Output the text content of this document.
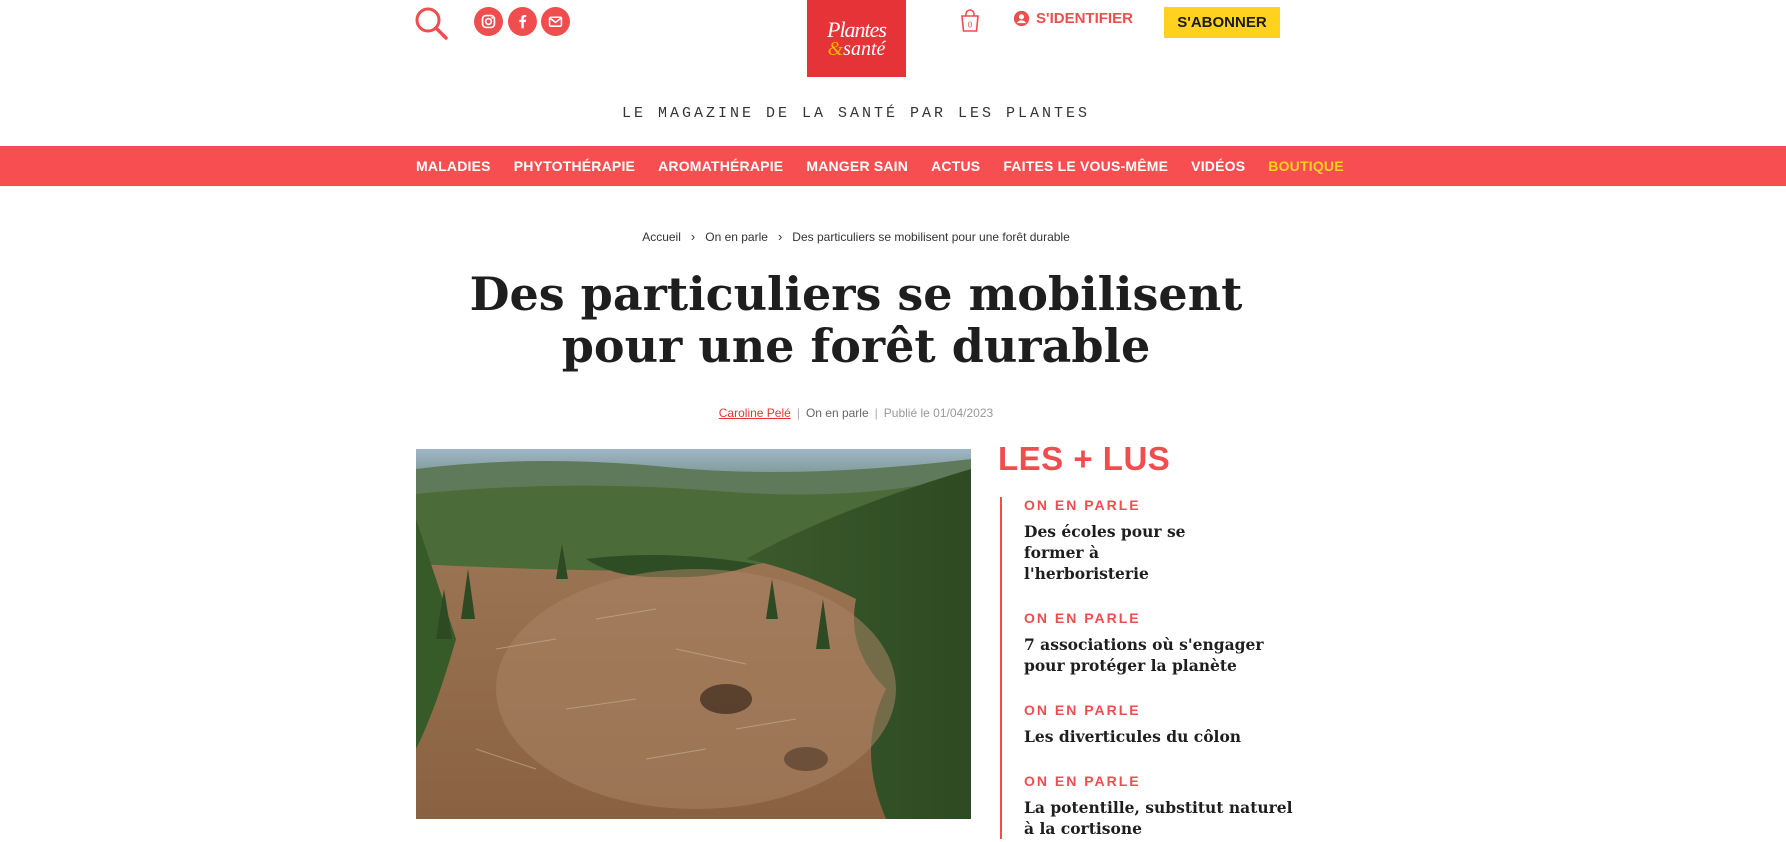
Plantes
&santé
0	S'IDENTIFIER	S'ABONNER
LE MAGAZINE DE LA SANTÉ PAR LES PLANTES
MALADIES PHYTOTHÉRAPIE AROMATHÉRAPIE MANGER SAIN ACTUS FAITES LE VOUS-MÊME VIDÉOS BOUTIQUE
Accueil › On en parle › Des particuliers se mobilisent pour une forêt durable
Des particuliers se mobilisent
pour une forêt durable
Caroline Pelé | On en parle | Publié le 01/04/2023
LES + LUS
ON EN PARLE
Des écoles pour se former à l'herboristerie
ON EN PARLE
7 associations où s'engager pour protéger la planète
ON EN PARLE
Les diverticules du côlon
ON EN PARLE
La potentille, substitut naturel à la cortisone
